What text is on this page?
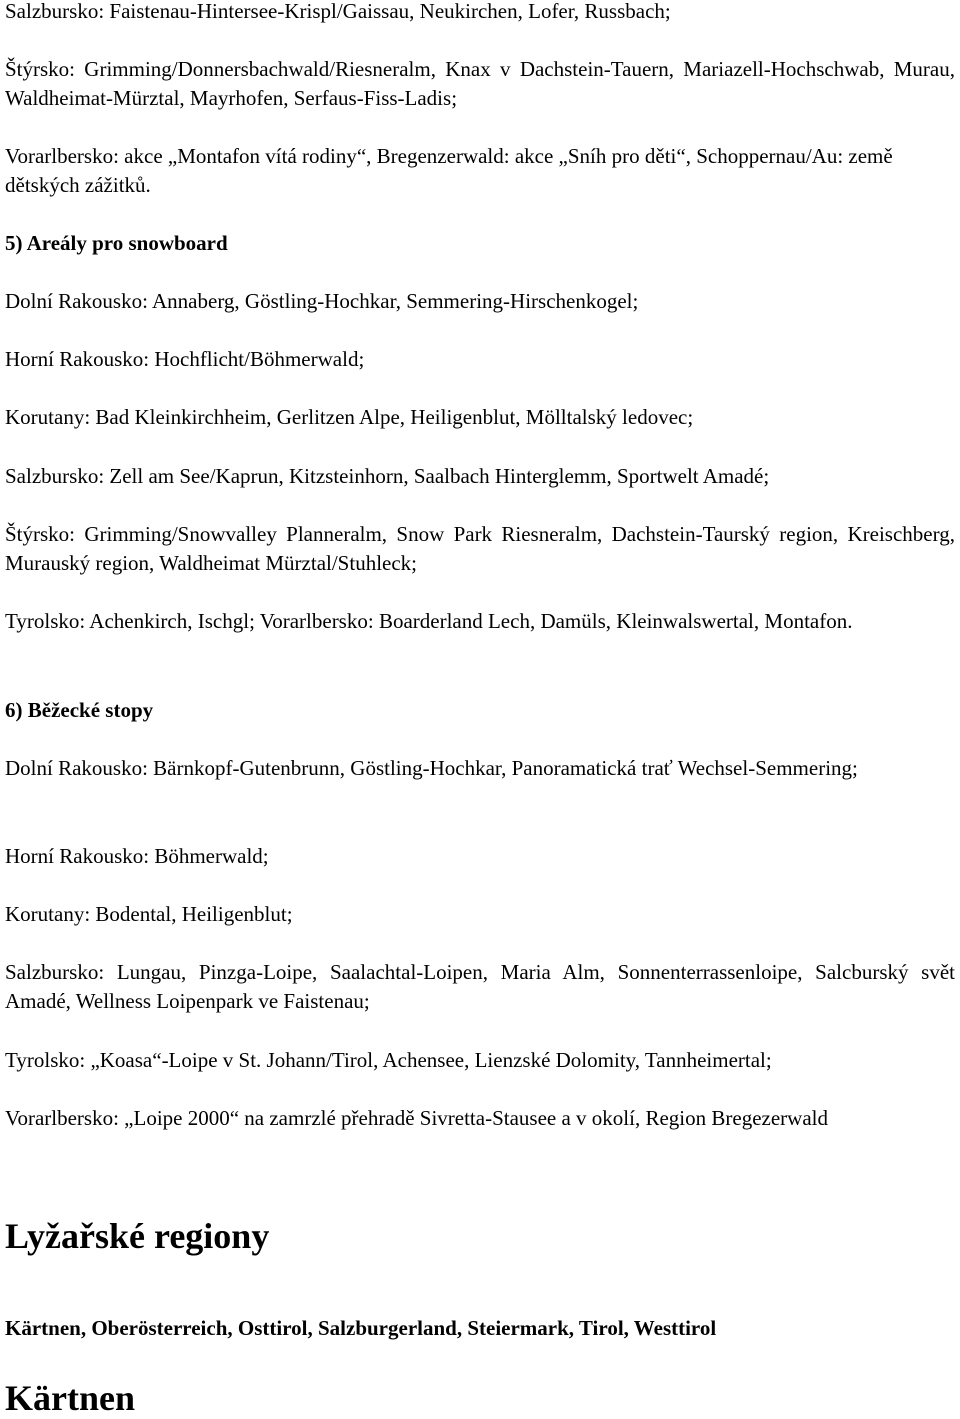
Salzbursko: Faistenau-Hintersee-Krispl/Gaissau, Neukirchen, Lofer, Russbach;

Štýrsko: Grimming/Donnersbachwald/Riesneralm, Knax v Dachstein-Tauern, Mariazell-Hochschwab, Murau, Waldheimat-Mürztal, Mayrhofen, Serfaus-Fiss-Ladis;

Vorarlbersko: akce „Montafon vítá rodiny“, Bregenzerwald: akce „Sníh pro děti“, Schoppernau/Au: země dětských zážitků.

5) Areály pro snowboard

Dolní Rakousko: Annaberg, Göstling-Hochkar, Semmering-Hirschenkogel;

Horní Rakousko: Hochflicht/Böhmerwald;

Korutany: Bad Kleinkirchheim, Gerlitzen Alpe, Heiligenblut, Mölltalský ledovec;

Salzbursko: Zell am See/Kaprun, Kitzsteinhorn, Saalbach Hinterglemm, Sportwelt Amadé;

Štýrsko: Grimming/Snowvalley Planneralm, Snow Park Riesneralm, Dachstein-Taurský region, Kreischberg, Murauský region, Waldheimat Mürztal/Stuhleck;

Tyrolsko: Achenkirch, Ischgl; Vorarlbersko: Boarderland Lech, Damüls, Kleinwalswertal, Montafon.

6) Běžecké stopy

Dolní Rakousko: Bärnkopf-Gutenbrunn, Göstling-Hochkar, Panoramatická trať Wechsel-Semmering;

Horní Rakousko: Böhmerwald;

Korutany: Bodental, Heiligenblut;

Salzbursko: Lungau, Pinzga-Loipe, Saalachtal-Loipen, Maria Alm, Sonnenterrassenloipe, Salcburský svět Amadé, Wellness Loipenpark ve Faistenau;

Tyrolsko: „Koasa“-Loipe v St. Johann/Tirol, Achensee, Lienzské Dolomity, Tannheimertal;

Vorarlbersko: „Loipe 2000“ na zamrzlé přehradě Sivretta-Stausee a v okolí, Region Bregezerwald

Lyžařské regiony

Kärtnen, Oberösterreich, Osttirol, Salzburgerland, Steiermark, Tirol, Westtirol

Kärtnen
